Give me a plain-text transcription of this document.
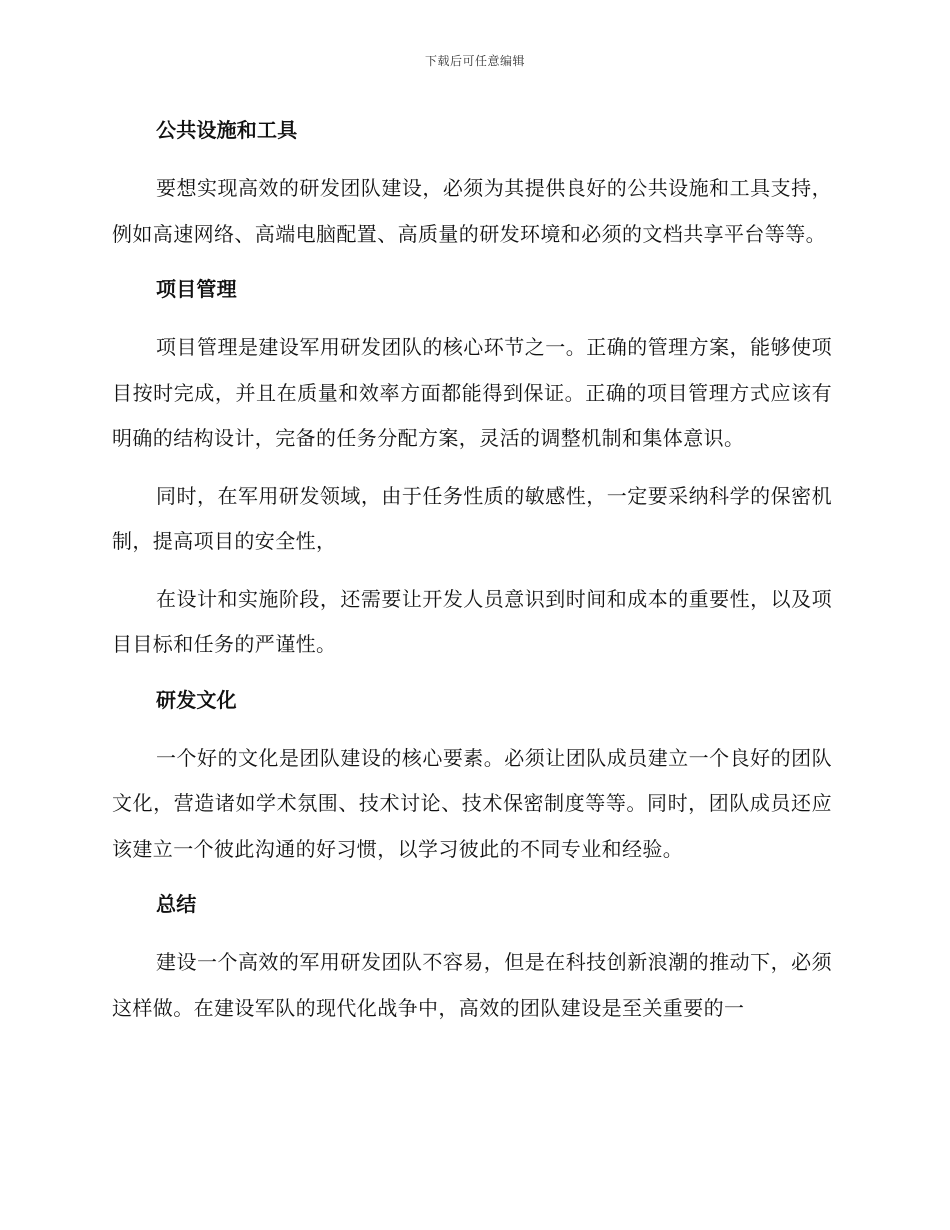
下载后可任意编辑
公共设施和工具

要想实现高效的研发团队建设，必须为其提供良好的公共设施和工具支持，例如高速网络、高端电脑配置、高质量的研发环境和必须的文档共享平台等等。

项目管理

项目管理是建设军用研发团队的核心环节之一。正确的管理方案，能够使项目按时完成，并且在质量和效率方面都能得到保证。正确的项目管理方式应该有明确的结构设计，完备的任务分配方案，灵活的调整机制和集体意识。

同时，在军用研发领域，由于任务性质的敏感性，一定要采纳科学的保密机制，提高项目的安全性，

在设计和实施阶段，还需要让开发人员意识到时间和成本的重要性，以及项目目标和任务的严谨性。

研发文化

一个好的文化是团队建设的核心要素。必须让团队成员建立一个良好的团队文化，营造诸如学术氛围、技术讨论、技术保密制度等等。同时，团队成员还应该建立一个彼此沟通的好习惯，以学习彼此的不同专业和经验。

总结

建设一个高效的军用研发团队不容易，但是在科技创新浪潮的推动下，必须这样做。在建设军队的现代化战争中，高效的团队建设是至关重要的一
